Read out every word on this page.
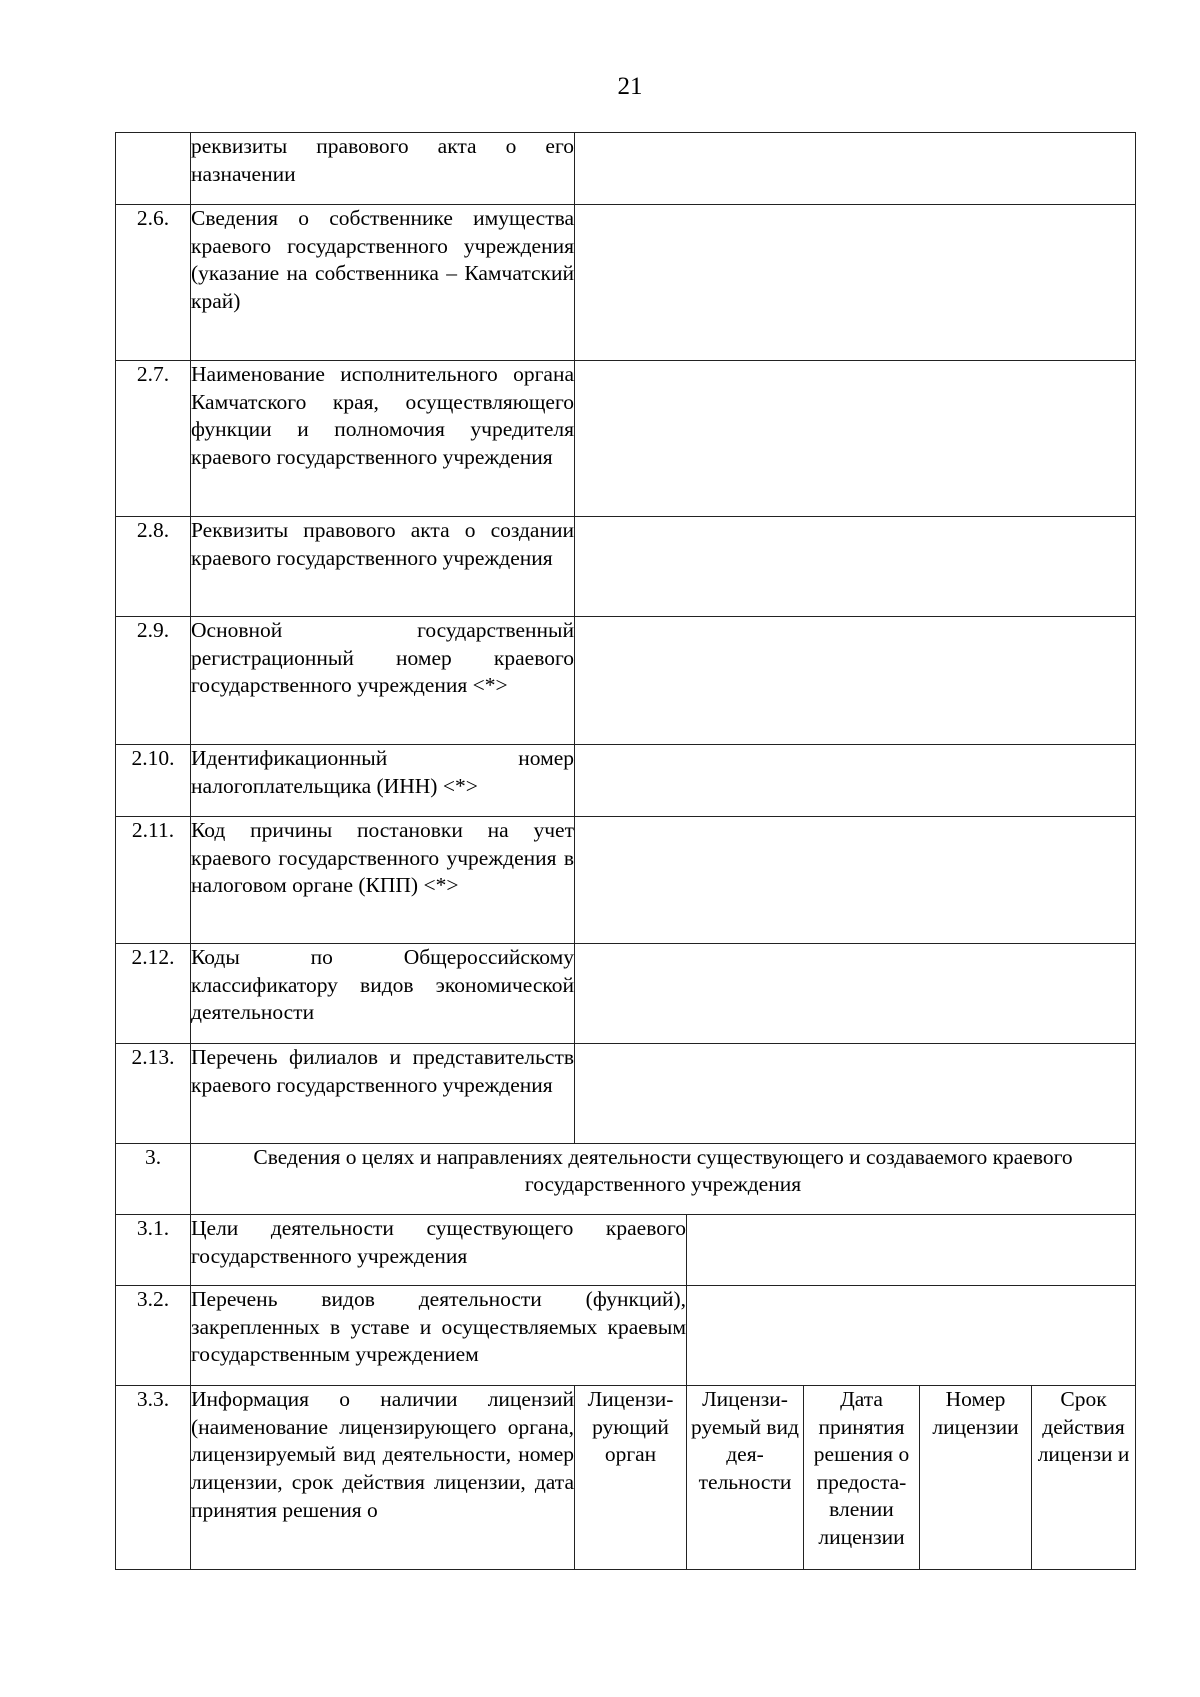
21
	реквизиты правового акта о его назначении					
2.6.	Сведения о собственнике имущества краевого государственного учреждения (указание на собственника – Камчатский край)					
2.7.	Наименование исполнительного органа Камчатского края, осуществляющего функции и полномочия учредителя краевого государственного учреждения					
2.8.	Реквизиты правового акта о создании краевого государственного учреждения					
2.9.	Основной государственный регистрационный номер краевого государственного учреждения <*>					
2.10.	Идентификационный номер налогоплательщика (ИНН) <*>					
2.11.	Код причины постановки на учет краевого государственного учреждения в налоговом органе (КПП) <*>					
2.12.	Коды по Общероссийскому классификатору видов экономической деятельности					
2.13.	Перечень филиалов и представительств краевого государственного учреждения					
3.	Сведения о целях и направлениях деятельности существующего и создаваемого краевого государственного учреждения					
3.1.	Цели деятельности существующего краевого государственного учреждения					
3.2.	Перечень видов деятельности (функций), закрепленных в уставе и осуществляемых краевым государственным учреждением					
3.3.	Информация о наличии лицензий (наименование лицензирующего органа, лицензируемый вид деятельности, номер лицензии, срок действия лицензии, дата принятия решения о	Лицензи-рующий орган	Лицензи-руемый вид дея-тельности	Дата принятия решения о предоста-влении лицензии	Номер лицензии	Срок действия лицензи и
